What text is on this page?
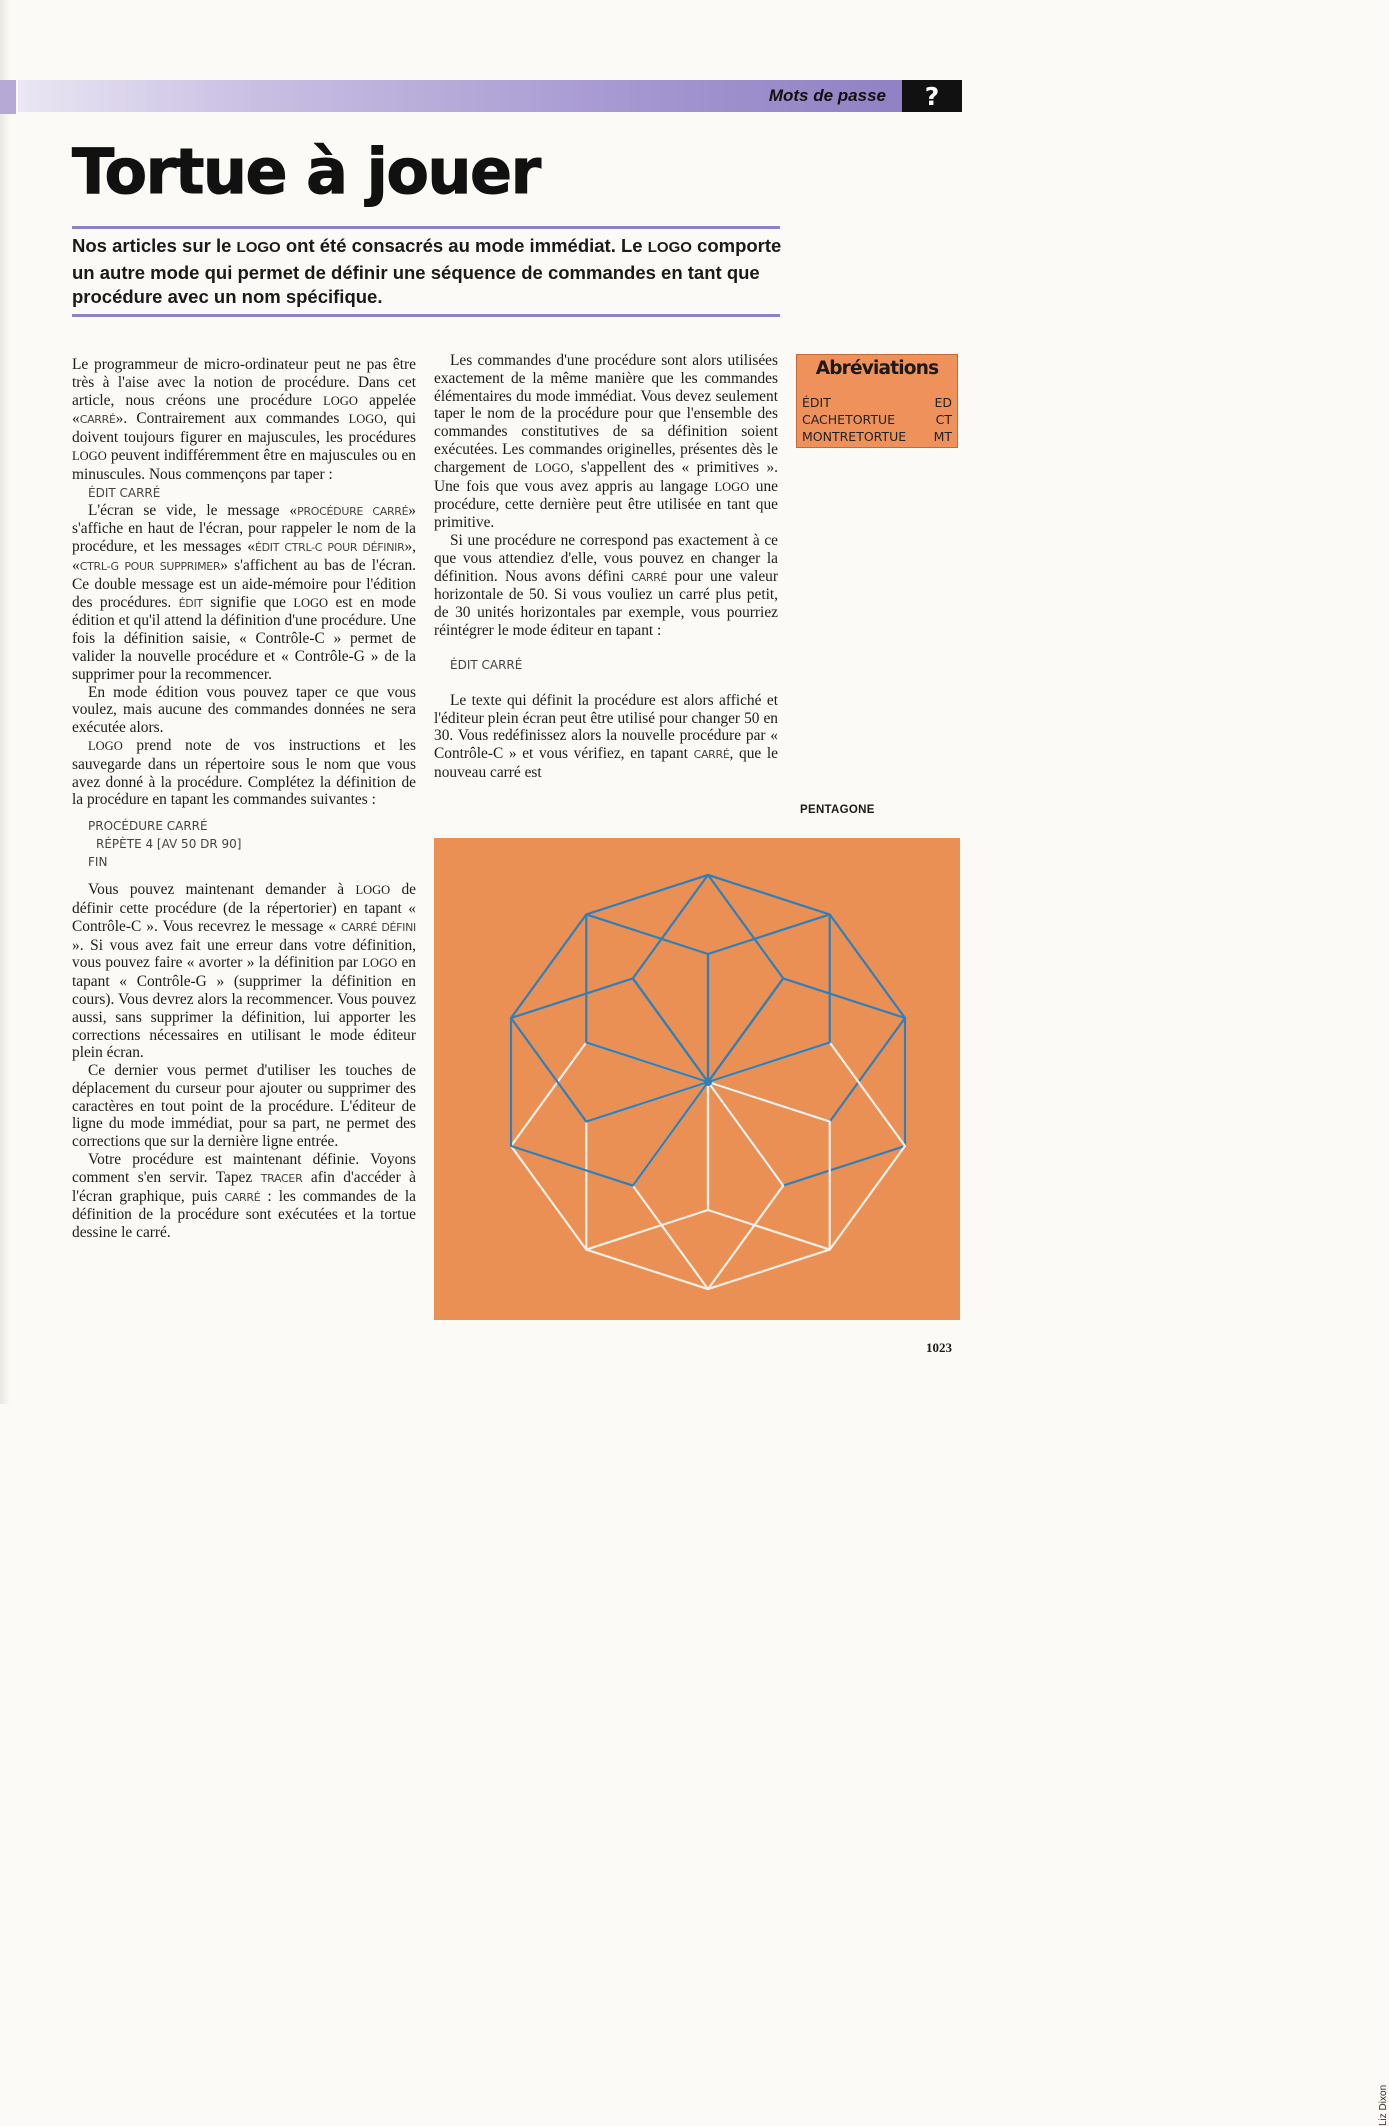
Mots de passe ?
Tortue à jouer

Nos articles sur le LOGO ont été consacrés au mode immédiat. Le LOGO comporte un autre mode qui permet de définir une séquence de commandes en tant que procédure avec un nom spécifique.

Le programmeur de micro-ordinateur peut ne pas être très à l'aise avec la notion de procédure. Dans cet article, nous créons une procédure LOGO appelée «CARRÉ». Contrairement aux commandes LOGO, qui doivent toujours figurer en majuscules, les procédures LOGO peuvent indifféremment être en majuscules ou en minuscules. Nous commençons par taper :

ÉDIT CARRÉ

L'écran se vide, le message «PROCÉDURE CARRÉ» s'affiche en haut de l'écran, pour rappeler le nom de la procédure, et les messages «ÉDIT CTRL-C POUR DÉFINIR», «CTRL-G POUR SUPPRIMER» s'affichent au bas de l'écran. Ce double message est un aide-mémoire pour l'édition des procédures. ÉDIT signifie que LOGO est en mode édition et qu'il attend la définition d'une procédure. Une fois la définition saisie, « Contrôle-C » permet de valider la nouvelle procédure et « Contrôle-G » de la supprimer pour la recommencer.

En mode édition vous pouvez taper ce que vous voulez, mais aucune des commandes données ne sera exécutée alors.

LOGO prend note de vos instructions et les sauvegarde dans un répertoire sous le nom que vous avez donné à la procédure. Complétez la définition de la procédure en tapant les commandes suivantes :

PROCÉDURE CARRÉ
RÉPÈTE 4 [AV 50 DR 90]
FIN

Vous pouvez maintenant demander à LOGO de définir cette procédure (de la répertorier) en tapant « Contrôle-C ». Vous recevrez le message « CARRÉ DÉFINI ». Si vous avez fait une erreur dans votre définition, vous pouvez faire « avorter » la définition par LOGO en tapant « Contrôle-G » (supprimer la définition en cours). Vous devrez alors la recommencer. Vous pouvez aussi, sans supprimer la définition, lui apporter les corrections nécessaires en utilisant le mode éditeur plein écran.

Ce dernier vous permet d'utiliser les touches de déplacement du curseur pour ajouter ou supprimer des caractères en tout point de la procédure. L'éditeur de ligne du mode immédiat, pour sa part, ne permet des corrections que sur la dernière ligne entrée.

Votre procédure est maintenant définie. Voyons comment s'en servir. Tapez TRACER afin d'accéder à l'écran graphique, puis CARRÉ : les commandes de la définition de la procédure sont exécutées et la tortue dessine le carré.

Les commandes d'une procédure sont alors utilisées exactement de la même manière que les commandes élémentaires du mode immédiat. Vous devez seulement taper le nom de la procédure pour que l'ensemble des commandes constitutives de sa définition soient exécutées. Les commandes originelles, présentes dès le chargement de LOGO, s'appellent des « primitives ». Une fois que vous avez appris au langage LOGO une procédure, cette dernière peut être utilisée en tant que primitive.

Si une procédure ne correspond pas exactement à ce que vous attendiez d'elle, vous pouvez en changer la définition. Nous avons défini CARRÉ pour une valeur horizontale de 50. Si vous vouliez un carré plus petit, de 30 unités horizontales par exemple, vous pourriez réintégrer le mode éditeur en tapant :

ÉDIT CARRÉ

Le texte qui définit la procédure est alors affiché et l'éditeur plein écran peut être utilisé pour changer 50 en 30. Vous redéfinissez alors la nouvelle procédure par « Contrôle-C » et vous vérifiez, en tapant CARRÉ, que le nouveau carré est

Abréviations
ÉDIT	ED
CACHETORTUE	CT
MONTRETORTUE MT
PENTAGONE
Liz Dixon
1023
